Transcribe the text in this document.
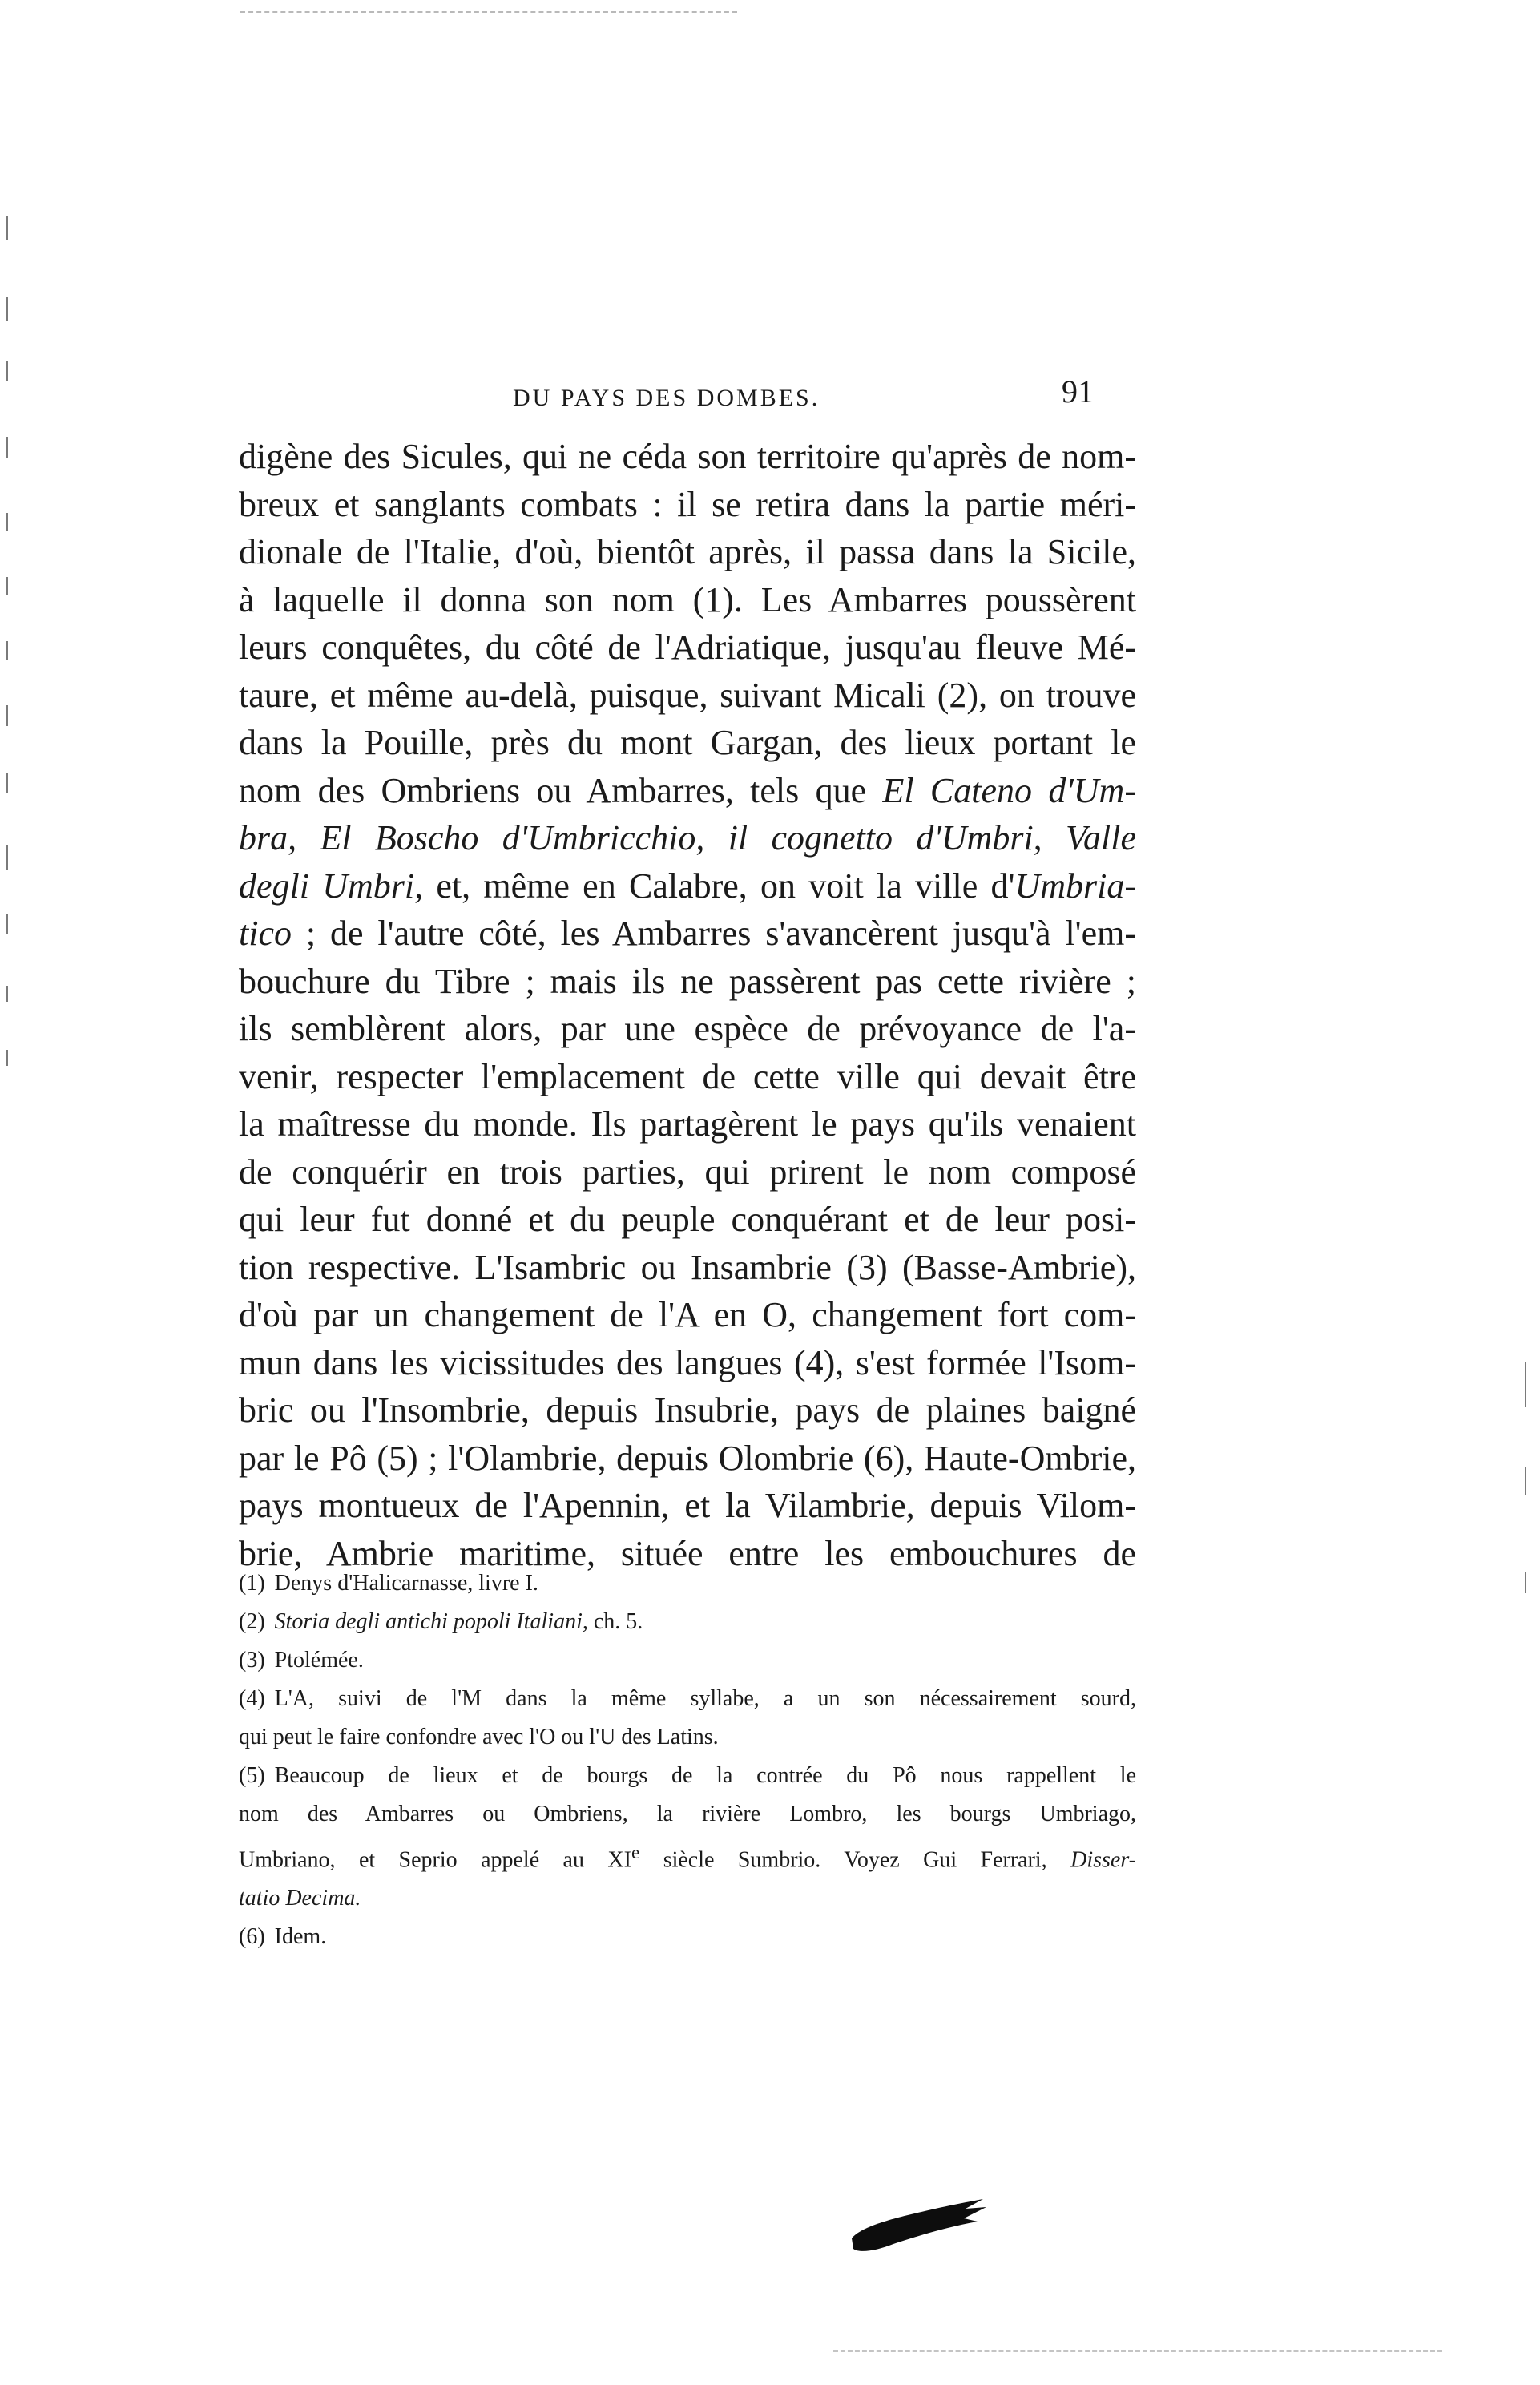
DU PAYS DES DOMBES.	91
digène des Sicules, qui ne céda son territoire qu'après de nom-
breux et sanglants combats : il se retira dans la partie méri-
dionale de l'Italie, d'où, bientôt après, il passa dans la Sicile,
à laquelle il donna son nom (1). Les Ambarres poussèrent
leurs conquêtes, du côté de l'Adriatique, jusqu'au fleuve Mé-
taure, et même au-delà, puisque, suivant Micali (2), on trouve
dans la Pouille, près du mont Gargan, des lieux portant le
nom des Ombriens ou Ambarres, tels que El Cateno d'Um-
bra, El Boscho d'Umbricchio, il cognetto d'Umbri, Valle
degli Umbri, et, même en Calabre, on voit la ville d'Umbria-
tico ; de l'autre côté, les Ambarres s'avancèrent jusqu'à l'em-
bouchure du Tibre ; mais ils ne passèrent pas cette rivière ;
ils semblèrent alors, par une espèce de prévoyance de l'a-
venir, respecter l'emplacement de cette ville qui devait être
la maîtresse du monde. Ils partagèrent le pays qu'ils venaient
de conquérir en trois parties, qui prirent le nom composé
qui leur fut donné et du peuple conquérant et de leur posi-
tion respective. L'Isambric ou Insambrie (3) (Basse-Ambrie),
d'où par un changement de l'A en O, changement fort com-
mun dans les vicissitudes des langues (4), s'est formée l'Isom-
bric ou l'Insombrie, depuis Insubrie, pays de plaines baigné
par le Pô (5) ; l'Olambrie, depuis Olombrie (6), Haute-Ombrie,
pays montueux de l'Apennin, et la Vilambrie, depuis Vilom-
brie, Ambrie maritime, située entre les embouchures de
(1) Denys d'Halicarnasse, livre I.
(2) Storia degli antichi popoli Italiani, ch. 5.
(3) Ptolémée.
(4) L'A, suivi de l'M dans la même syllabe, a un son nécessairement sourd,
qui peut le faire confondre avec l'O ou l'U des Latins.
(5) Beaucoup de lieux et de bourgs de la contrée du Pô nous rappellent le
nom des Ambarres ou Ombriens, la rivière Lombro, les bourgs Umbriago,
Umbriano, et Seprio appelé au XIe siècle Sumbrio. Voyez Gui Ferrari, Disser-
tatio Decima.
(6) Idem.
